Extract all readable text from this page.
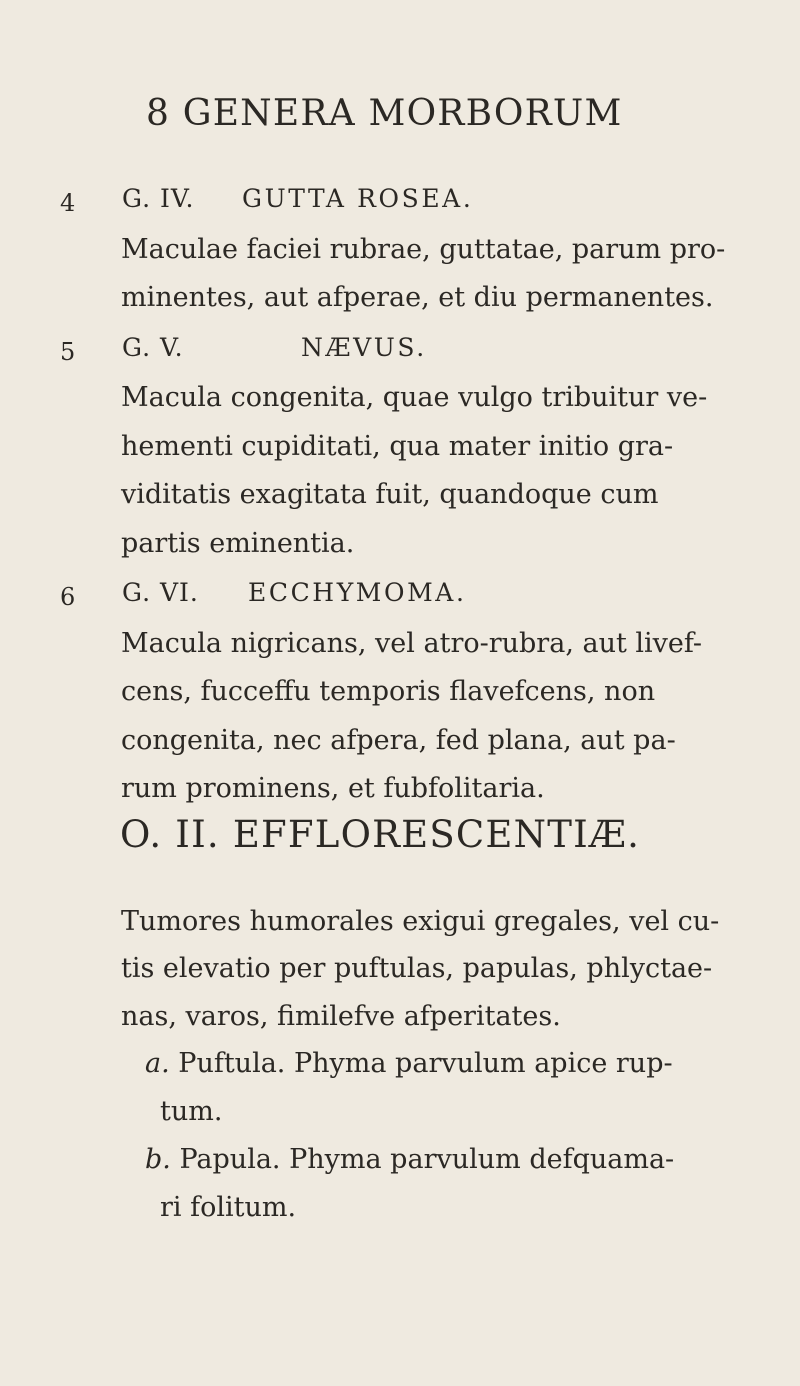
8 GENERA MORBORUM
4 G. IV. GUTTA ROSEA.
Maculae faciei rubrae, guttatae, parum pro-
minentes, aut afperae, et diu permanentes.
5 G. V.	NÆVUS.
Macula congenita, quae vulgo tribuitur ve-
hementi cupiditati, qua mater initio gra-
viditatis exagitata fuit, quandoque cum
partis eminentia.
6 G. VI. ECCHYMOMA.
Macula nigricans, vel atro-rubra, aut livef-
cens, fucceffu temporis flavefcens, non
congenita, nec afpera, fed plana, aut pa-
rum prominens, et fubfolitaria.
O. II. EFFLORESCENTIÆ.
Tumores humorales exigui gregales, vel cu-
tis elevatio per puftulas, papulas, phlyctae-
nas, varos, fimilefve afperitates.
a. Puftula. Phyma parvulum apice rup-
tum.
b. Papula. Phyma parvulum defquama-
ri folitum.
